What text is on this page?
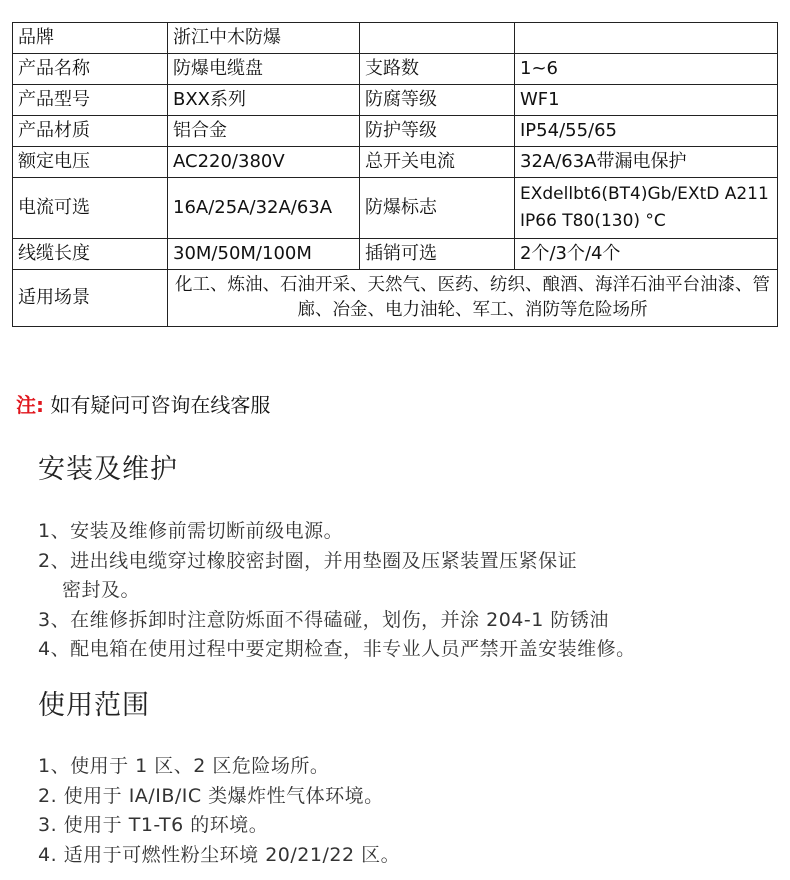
品牌	浙江中木防爆		
产品名称	防爆电缆盘	支路数	1~6
产品型号	BXX系列	防腐等级	WF1
产品材质	铝合金	防护等级	IP54/55/65
额定电压	AC220/380V	总开关电流	32A/63A带漏电保护
电流可选	16A/25A/32A/63A	防爆标志	EXdellbt6(BT4)Gb/EXtD A211 IP66 T80(130) °C
线缆长度	30M/50M/100M	插销可选	2个/3个/4个
适用场景	化工、炼油、石油开采、天然气、医药、纺织、酿酒、海洋石油平台油漆、管廊、冶金、电力油轮、军工、消防等危险场所		
注: 如有疑问可咨询在线客服
安装及维护
1、安装及维修前需切断前级电源。
2、进出线电缆穿过橡胶密封圈，并用垫圈及压紧装置压紧保证
密封及。
3、在维修拆卸时注意防烁面不得磕碰，划伤，并涂 204-1 防锈油
4、配电箱在使用过程中要定期检查，非专业人员严禁开盖安装维修。
使用范围
1、使用于 1 区、2 区危险场所。
2. 使用于 IA/IB/IC 类爆炸性气体环境。
3. 使用于 T1-T6 的环境。
4. 适用于可燃性粉尘环境 20/21/22 区。
